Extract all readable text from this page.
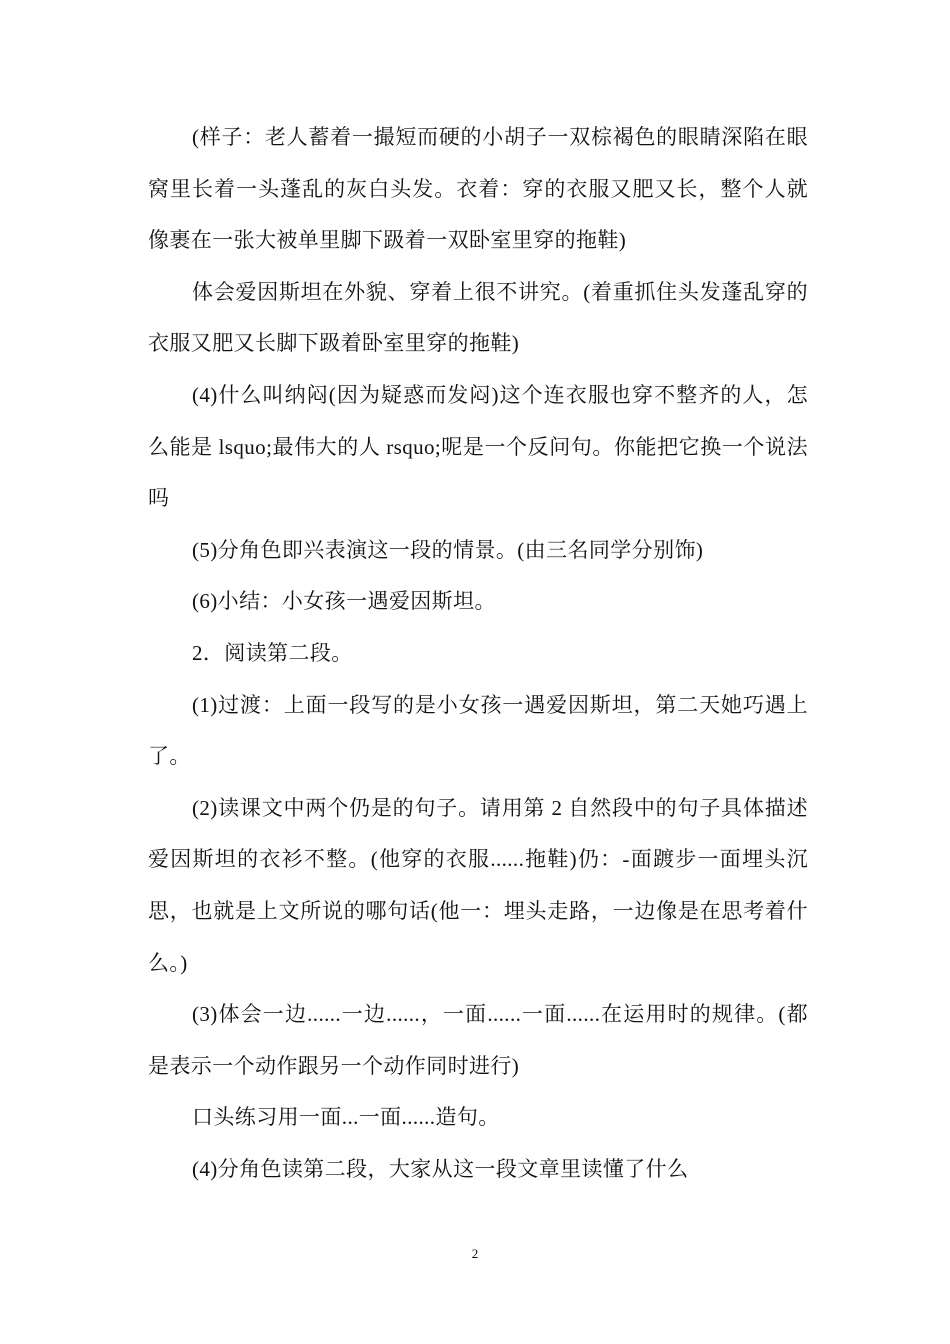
(样子：老人蓄着一撮短而硬的小胡子一双棕褐色的眼睛深陷在眼窝里长着一头蓬乱的灰白头发。衣着：穿的衣服又肥又长，整个人就像裹在一张大被单里脚下趿着一双卧室里穿的拖鞋)

体会爱因斯坦在外貌、穿着上很不讲究。(着重抓住头发蓬乱穿的衣服又肥又长脚下趿着卧室里穿的拖鞋)

(4)什么叫纳闷(因为疑惑而发闷)这个连衣服也穿不整齐的人，怎么能是 lsquo;最伟大的人 rsquo;呢是一个反问句。你能把它换一个说法吗

(5)分角色即兴表演这一段的情景。(由三名同学分别饰)

(6)小结：小女孩一遇爱因斯坦。

2．阅读第二段。

(1)过渡：上面一段写的是小女孩一遇爱因斯坦，第二天她巧遇上了。

(2)读课文中两个仍是的句子。请用第 2 自然段中的句子具体描述爱因斯坦的衣衫不整。(他穿的衣服......拖鞋)仍：-面踱步一面埋头沉思，也就是上文所说的哪句话(他一：埋头走路，一边像是在思考着什么。)

(3)体会一边......一边......，一面......一面......在运用时的规律。(都是表示一个动作跟另一个动作同时进行)

口头练习用一面...一面......造句。

(4)分角色读第二段，大家从这一段文章里读懂了什么

2
